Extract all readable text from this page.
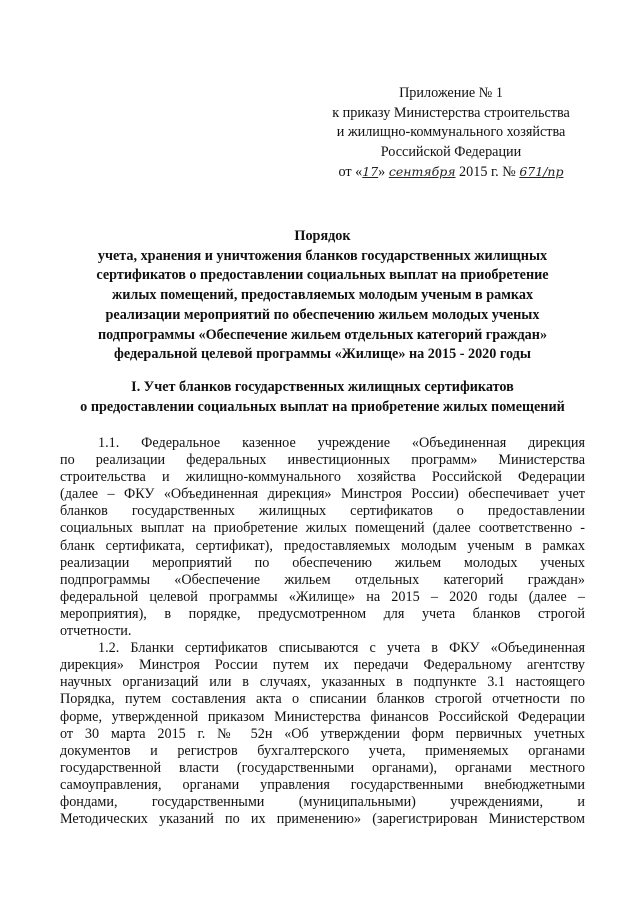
Приложение № 1
к приказу Министерства строительства
и жилищно-коммунального хозяйства
Российской Федерации
от «17» сентября 2015 г. № 671/пр
Порядок
учета, хранения и уничтожения бланков государственных жилищных
сертификатов о предоставлении социальных выплат на приобретение
жилых помещений, предоставляемых молодым ученым в рамках
реализации мероприятий по обеспечению жильем молодых ученых
подпрограммы «Обеспечение жильем отдельных категорий граждан»
федеральной целевой программы «Жилище» на 2015 - 2020 годы
I. Учет бланков государственных жилищных сертификатов
о предоставлении социальных выплат на приобретение жилых помещений
1.1. Федеральное казенное учреждение «Объединенная дирекция
по реализации федеральных инвестиционных программ» Министерства
строительства и жилищно-коммунального хозяйства Российской Федерации
(далее – ФКУ «Объединенная дирекция» Минстроя России) обеспечивает учет
бланков государственных жилищных сертификатов о предоставлении
социальных выплат на приобретение жилых помещений (далее соответственно -
бланк сертификата, сертификат), предоставляемых молодым ученым в рамках
реализации мероприятий по обеспечению жильем молодых ученых
подпрограммы «Обеспечение жильем отдельных категорий граждан»
федеральной целевой программы «Жилище» на 2015 – 2020 годы (далее –
мероприятия), в порядке, предусмотренном для учета бланков строгой
отчетности.
1.2. Бланки сертификатов списываются с учета в ФКУ «Объединенная
дирекция» Минстроя России путем их передачи Федеральному агентству
научных организаций или в случаях, указанных в подпункте 3.1 настоящего
Порядка, путем составления акта о списании бланков строгой отчетности по
форме, утвержденной приказом Министерства финансов Российской Федерации
от 30 марта 2015 г. № 52н «Об утверждении форм первичных учетных
документов и регистров бухгалтерского учета, применяемых органами
государственной власти (государственными органами), органами местного
самоуправления, органами управления государственными внебюджетными
фондами, государственными (муниципальными) учреждениями, и
Методических указаний по их применению» (зарегистрирован Министерством
